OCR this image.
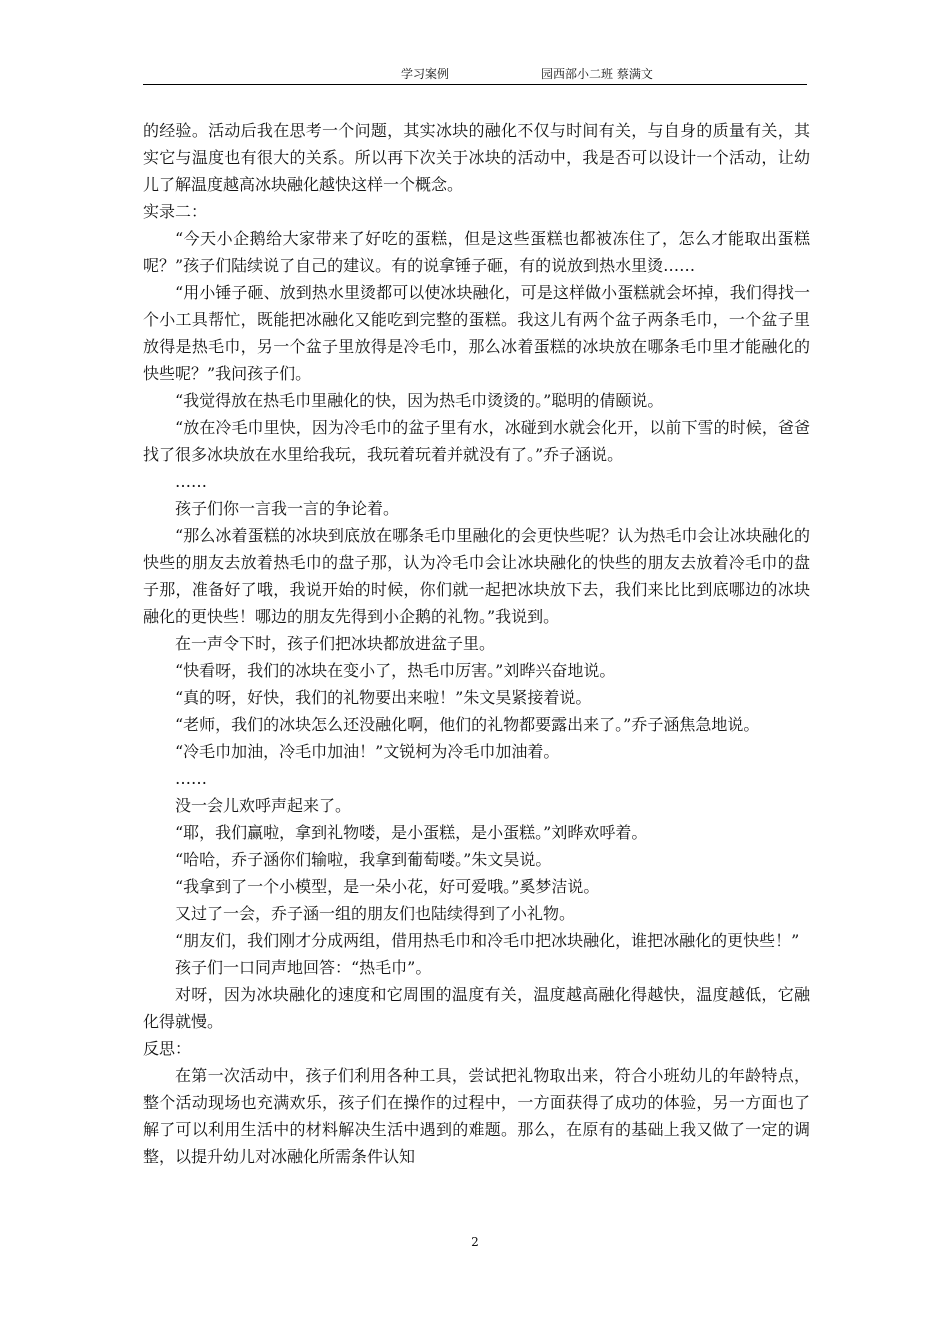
学习案例	园西部小二班 蔡满文

的经验。活动后我在思考一个问题，其实冰块的融化不仅与时间有关，与自身的质量有关，其实它与温度也有很大的关系。所以再下次关于冰块的活动中，我是否可以设计一个活动，让幼儿了解温度越高冰块融化越快这样一个概念。

实录二：

“今天小企鹅给大家带来了好吃的蛋糕，但是这些蛋糕也都被冻住了，怎么才能取出蛋糕呢？”孩子们陆续说了自己的建议。有的说拿锤子砸，有的说放到热水里烫……

“用小锤子砸、放到热水里烫都可以使冰块融化，可是这样做小蛋糕就会坏掉，我们得找一个小工具帮忙，既能把冰融化又能吃到完整的蛋糕。我这儿有两个盆子两条毛巾，一个盆子里放得是热毛巾，另一个盆子里放得是冷毛巾，那么冰着蛋糕的冰块放在哪条毛巾里才能融化的快些呢？”我问孩子们。

“我觉得放在热毛巾里融化的快，因为热毛巾烫烫的。”聪明的倩颐说。

“放在冷毛巾里快，因为冷毛巾的盆子里有水，冰碰到水就会化开，以前下雪的时候，爸爸找了很多冰块放在水里给我玩，我玩着玩着并就没有了。”乔子涵说。

……

孩子们你一言我一言的争论着。

“那么冰着蛋糕的冰块到底放在哪条毛巾里融化的会更快些呢？认为热毛巾会让冰块融化的快些的朋友去放着热毛巾的盘子那，认为冷毛巾会让冰块融化的快些的朋友去放着冷毛巾的盘子那，准备好了哦，我说开始的时候，你们就一起把冰块放下去，我们来比比到底哪边的冰块融化的更快些！哪边的朋友先得到小企鹅的礼物。”我说到。

在一声令下时，孩子们把冰块都放进盆子里。

“快看呀，我们的冰块在变小了，热毛巾厉害。”刘晔兴奋地说。

“真的呀，好快，我们的礼物要出来啦！”朱文昊紧接着说。

“老师，我们的冰块怎么还没融化啊，他们的礼物都要露出来了。”乔子涵焦急地说。

“冷毛巾加油，冷毛巾加油！”文锐柯为冷毛巾加油着。

……

没一会儿欢呼声起来了。

“耶，我们赢啦，拿到礼物喽，是小蛋糕，是小蛋糕。”刘晔欢呼着。

“哈哈，乔子涵你们输啦，我拿到葡萄喽。”朱文昊说。

“我拿到了一个小模型，是一朵小花，好可爱哦。”奚梦洁说。

又过了一会，乔子涵一组的朋友们也陆续得到了小礼物。

“朋友们，我们刚才分成两组，借用热毛巾和冷毛巾把冰块融化，谁把冰融化的更快些！”

孩子们一口同声地回答：“热毛巾”。

对呀，因为冰块融化的速度和它周围的温度有关，温度越高融化得越快，温度越低，它融化得就慢。

反思：

在第一次活动中，孩子们利用各种工具，尝试把礼物取出来，符合小班幼儿的年龄特点，整个活动现场也充满欢乐，孩子们在操作的过程中，一方面获得了成功的体验，另一方面也了解了可以利用生活中的材料解决生活中遇到的难题。那么，在原有的基础上我又做了一定的调整，以提升幼儿对冰融化所需条件认知

2
